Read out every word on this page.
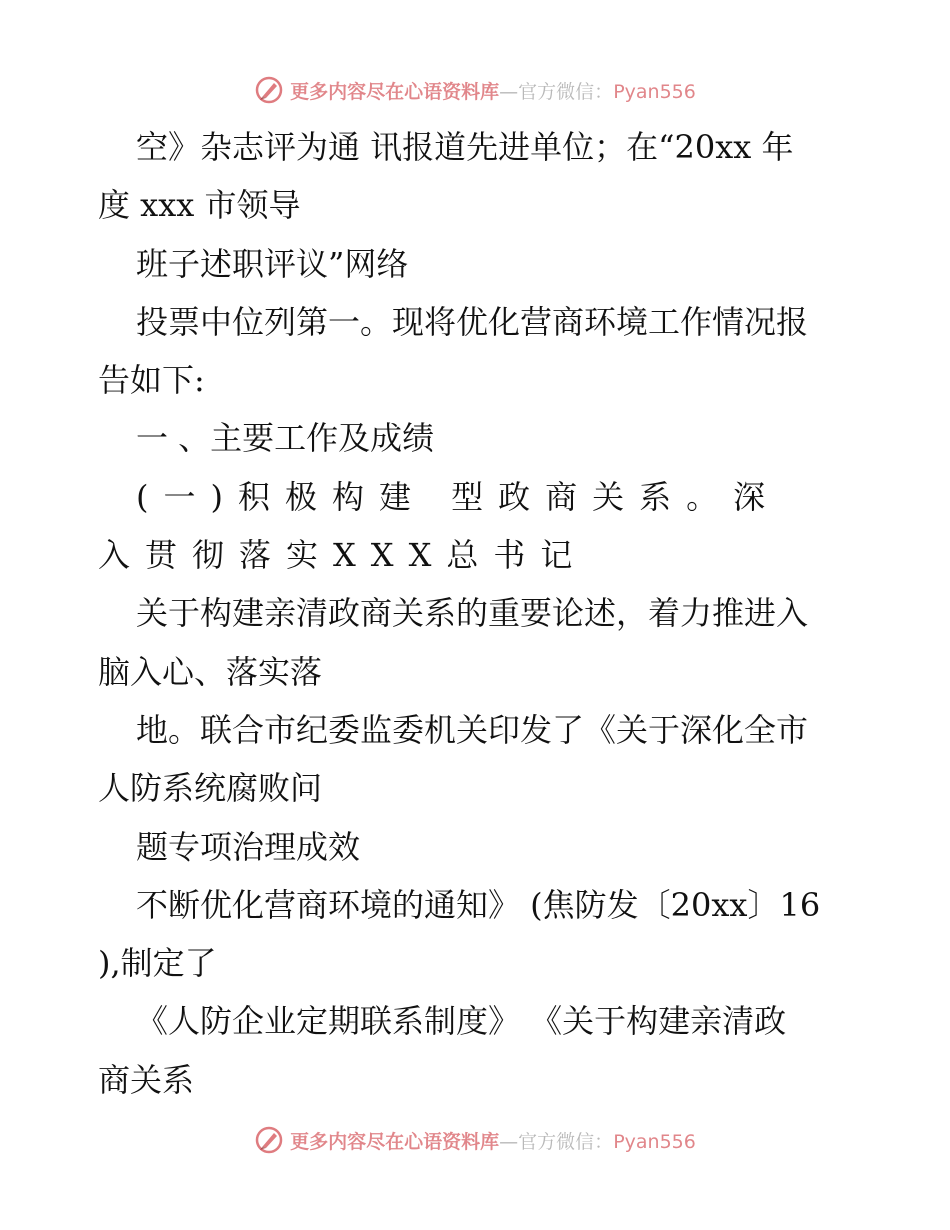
更多内容尽在心语资料库—官方微信：Pyan556
空》杂志评为通 讯报道先进单位；在“20xx 年
度 xxx 市领导
班子述职评议”网络
投票中位列第一。现将优化营商环境工作情况报
告如下:
一 、主要工作及成绩
(一)积极构建 型政商关系。深
入贯彻落实XXX总书记
关于构建亲清政商关系的重要论述，着力推进入
脑入心、落实落
地。联合市纪委监委机关印发了《关于深化全市
人防系统腐败问
题专项治理成效
不断优化营商环境的通知》 (焦防发〔20xx〕16
),制定了
《人防企业定期联系制度》 《关于构建亲清政
商关系
更多内容尽在心语资料库—官方微信：Pyan556
